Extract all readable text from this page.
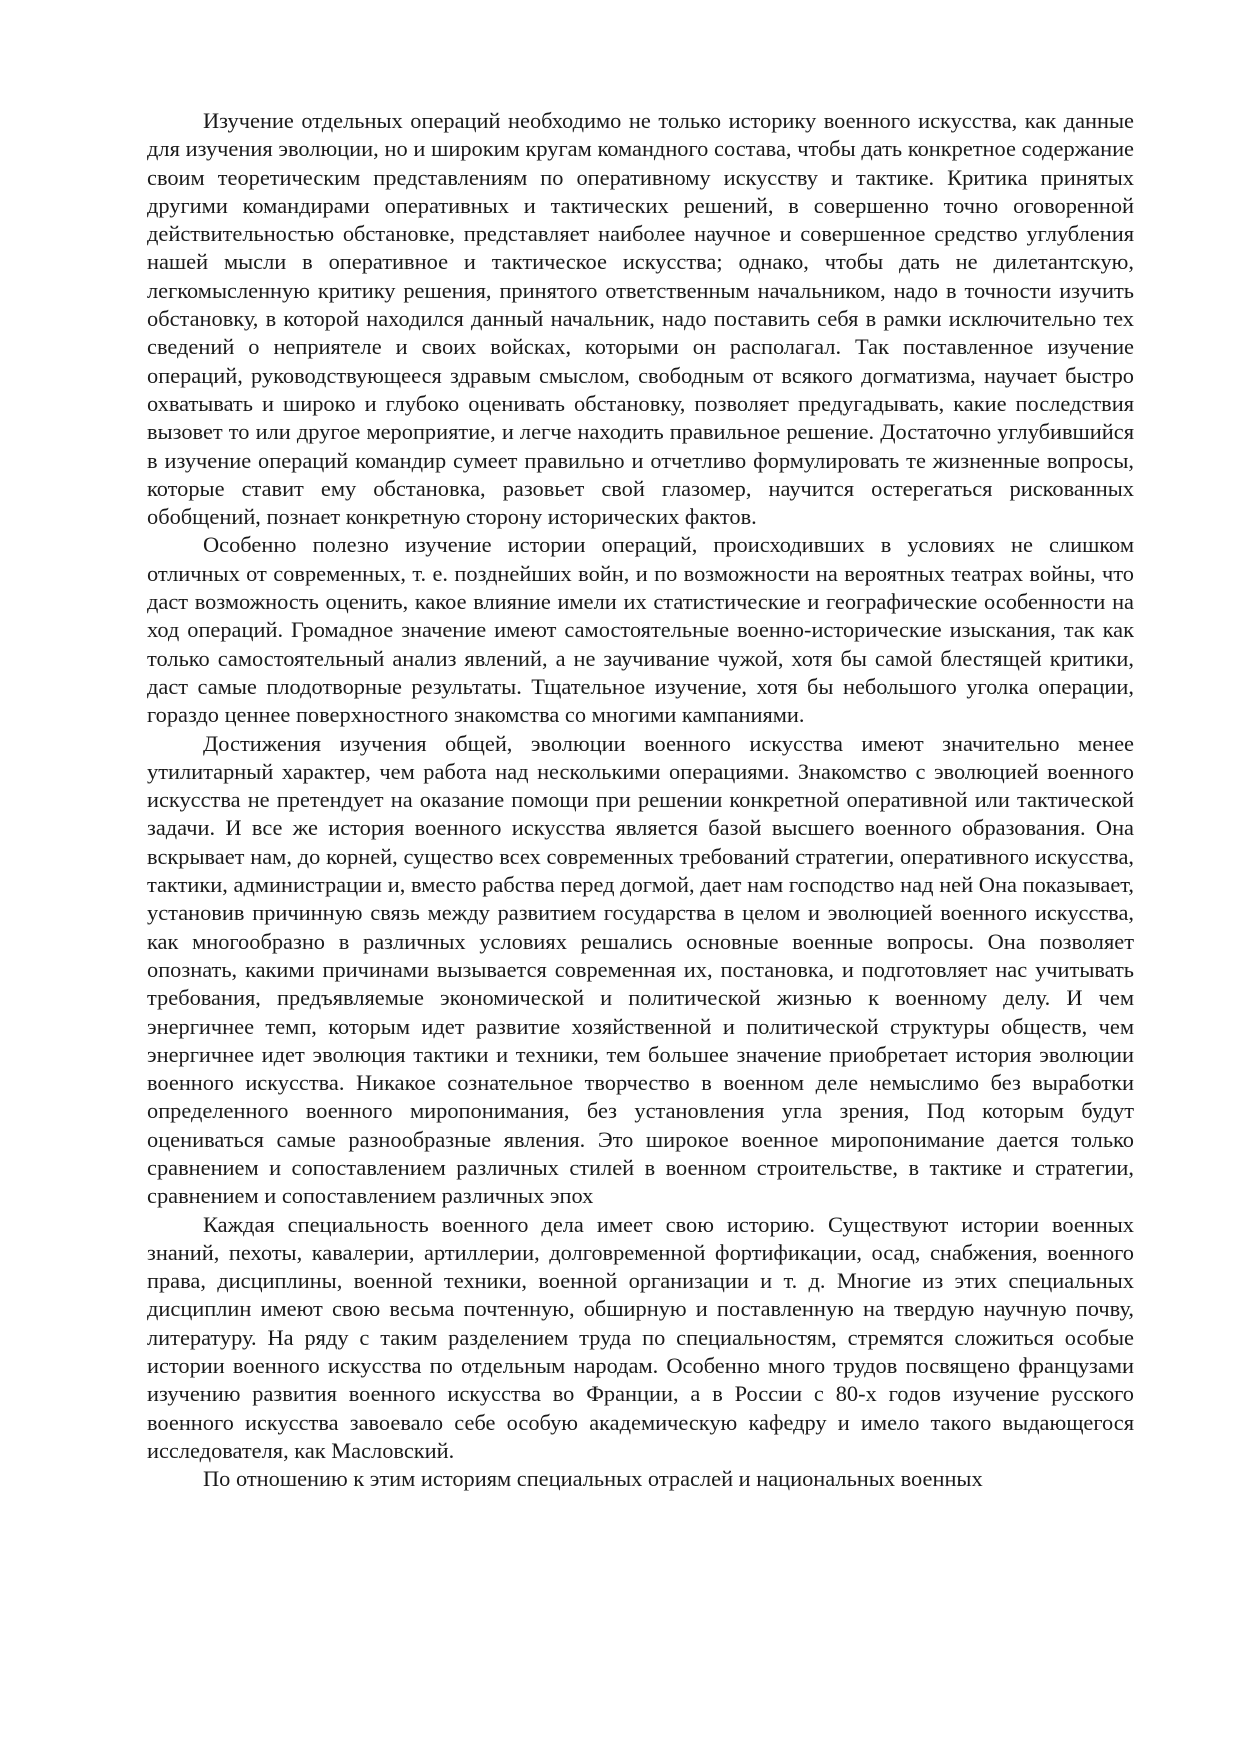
Изучение отдельных операций необходимо не только историку военного искусства, как данные для изучения эволюции, но и широким кругам командного состава, чтобы дать конкретное содержание своим теоретическим представлениям по оперативному искусству и тактике. Критика принятых другими командирами оперативных и тактических решений, в совершенно точно оговоренной действительностью обстановке, представляет наиболее научное и совершенное средство углубления нашей мысли в оперативное и тактическое искусства; однако, чтобы дать не дилетантскую, легкомысленную критику решения, принятого ответственным начальником, надо в точности изучить обстановку, в которой находился данный начальник, надо поставить себя в рамки исключительно тех сведений о неприятеле и своих войсках, которыми он располагал. Так поставленное изучение операций, руководствующееся здравым смыслом, свободным от всякого догматизма, научает быстро охватывать и широко и глубоко оценивать обстановку, позволяет предугадывать, какие последствия вызовет то или другое мероприятие, и легче находить правильное решение. Достаточно углубившийся в изучение операций командир сумеет правильно и отчетливо формулировать те жизненные вопросы, которые ставит ему обстановка, разовьет свой глазомер, научится остерегаться рискованных обобщений, познает конкретную сторону исторических фактов.

Особенно полезно изучение истории операций, происходивших в условиях не слишком отличных от современных, т. е. позднейших войн, и по возможности на вероятных театрах войны, что даст возможность оценить, какое влияние имели их статистические и географические особенности на ход операций. Громадное значение имеют самостоятельные военно-исторические изыскания, так как только самостоятельный анализ явлений, а не заучивание чужой, хотя бы самой блестящей критики, даст самые плодотворные результаты. Тщательное изучение, хотя бы небольшого уголка операции, гораздо ценнее поверхностного знакомства со многими кампаниями.

Достижения изучения общей, эволюции военного искусства имеют значительно менее утилитарный характер, чем работа над несколькими операциями. Знакомство с эволюцией военного искусства не претендует на оказание помощи при решении конкретной оперативной или тактической задачи. И все же история военного искусства является базой высшего военного образования. Она вскрывает нам, до корней, существо всех современных требований стратегии, оперативного искусства, тактики, администрации и, вместо рабства перед догмой, дает нам господство над ней Она показывает, установив причинную связь между развитием государства в целом и эволюцией военного искусства, как многообразно в различных условиях решались основные военные вопросы. Она позволяет опознать, какими причинами вызывается современная их, постановка, и подготовляет нас учитывать требования, предъявляемые экономической и политической жизнью к военному делу. И чем энергичнее темп, которым идет развитие хозяйственной и политической структуры обществ, чем энергичнее идет эволюция тактики и техники, тем большее значение приобретает история эволюции военного искусства. Никакое сознательное творчество в военном деле немыслимо без выработки определенного военного миропонимания, без установления угла зрения, Под которым будут оцениваться самые разнообразные явления. Это широкое военное миропонимание дается только сравнением и сопоставлением различных стилей в военном строительстве, в тактике и стратегии, сравнением и сопоставлением различных эпох

Каждая специальность военного дела имеет свою историю. Существуют истории военных знаний, пехоты, кавалерии, артиллерии, долговременной фортификации, осад, снабжения, военного права, дисциплины, военной техники, военной организации и т. д. Многие из этих специальных дисциплин имеют свою весьма почтенную, обширную и поставленную на твердую научную почву, литературу. На ряду с таким разделением труда по специальностям, стремятся сложиться особые истории военного искусства по отдельным народам. Особенно много трудов посвящено французами изучению развития военного искусства во Франции, а в России с 80-х годов изучение русского военного искусства завоевало себе особую академическую кафедру и имело такого выдающегося исследователя, как Масловский.

По отношению к этим историям специальных отраслей и национальных военных
